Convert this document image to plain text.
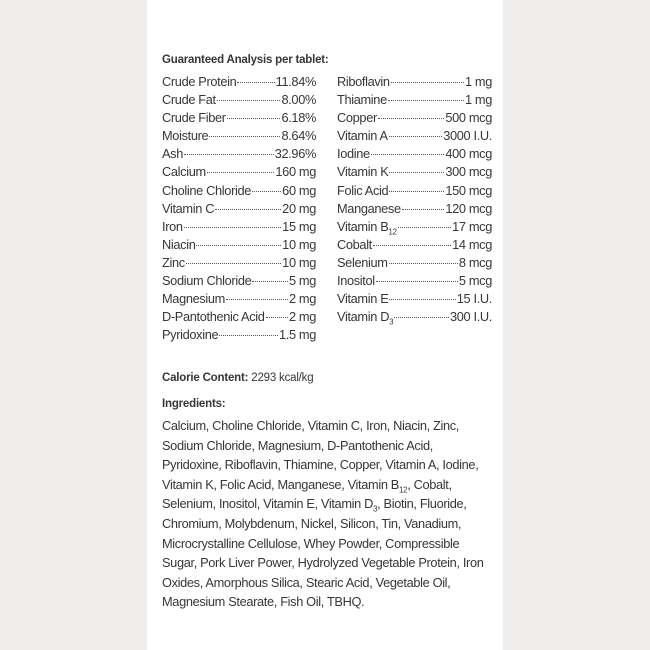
Guaranteed Analysis per tablet:
Crude Protein	11.84%
Crude Fat	8.00%
Crude Fiber	6.18%
Moisture	8.64%
Ash	32.96%
Calcium	160 mg
Choline Chloride 60 mg
Vitamin C	20 mg
Iron	15 mg
Niacin	10 mg
Zinc	10 mg
Sodium Chloride	5 mg
Magnesium	2 mg
D-Pantothenic Acid 2 mg
Pyridoxine	1.5 mg
Riboflavin	1 mg
Thiamine	1 mg
Copper	500 mcg
Vitamin A	3000 I.U.
Iodine	400 mcg
Vitamin K	300 mcg
Folic Acid	150 mcg
Manganese	120 mcg
Vitamin $B_{12}$	17 mcg
Cobalt	14 mcg
Selenium	8 mcg
Inositol	5 mcg
Vitamin E	15 I.U.
Vitamin $D_3$	300 I.U.
Calorie Content: 2293 kcal/kg
Ingredients:
Calcium, Choline Chloride, Vitamin C, Iron, Niacin, Zinc, Sodium Chloride, Magnesium, D-Pantothenic Acid, Pyridoxine, Riboflavin, Thiamine, Copper, Vitamin A, Iodine, Vitamin K, Folic Acid, Manganese, Vitamin $B_{12}$, Cobalt, Selenium, Inositol, Vitamin E, Vitamin $D_3$, Biotin, Fluoride, Chromium, Molybdenum, Nickel, Silicon, Tin, Vanadium, Microcrystalline Cellulose, Whey Powder, Compressible Sugar, Pork Liver Power, Hydrolyzed Vegetable Protein, Iron Oxides, Amorphous Silica, Stearic Acid, Vegetable Oil, Magnesium Stearate, Fish Oil, TBHQ.
